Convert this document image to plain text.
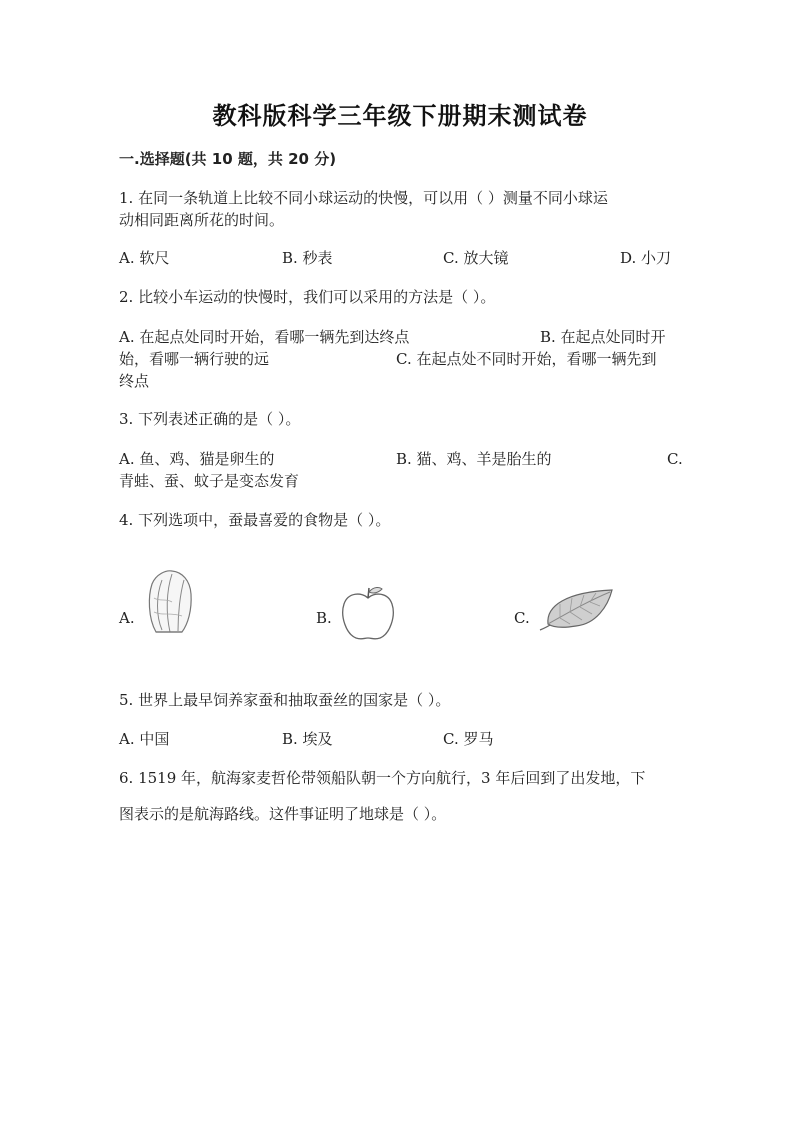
教科版科学三年级下册期末测试卷
一.选择题(共 10 题，共 20 分)
1. 在同一条轨道上比较不同小球运动的快慢，可以用（ ）测量不同小球运
动相同距离所花的时间。
A. 软尺	B. 秒表	C. 放大镜	D. 小刀
2. 比较小车运动的快慢时，我们可以采用的方法是（ ）。
A. 在起点处同时开始，看哪一辆先到达终点	B. 在起点处同时开
始，看哪一辆行驶的远	C. 在起点处不同时开始，看哪一辆先到
终点
3. 下列表述正确的是（ ）。
A. 鱼、鸡、猫是卵生的	B. 猫、鸡、羊是胎生的	C.
青蛙、蚕、蚊子是变态发育
4. 下列选项中，蚕最喜爱的食物是（ ）。
A.	B.	C.
5. 世界上最早饲养家蚕和抽取蚕丝的国家是（ ）。
A. 中国	B. 埃及	C. 罗马
6. 1519 年，航海家麦哲伦带领船队朝一个方向航行，3 年后回到了出发地，下
图表示的是航海路线。这件事证明了地球是（ ）。
